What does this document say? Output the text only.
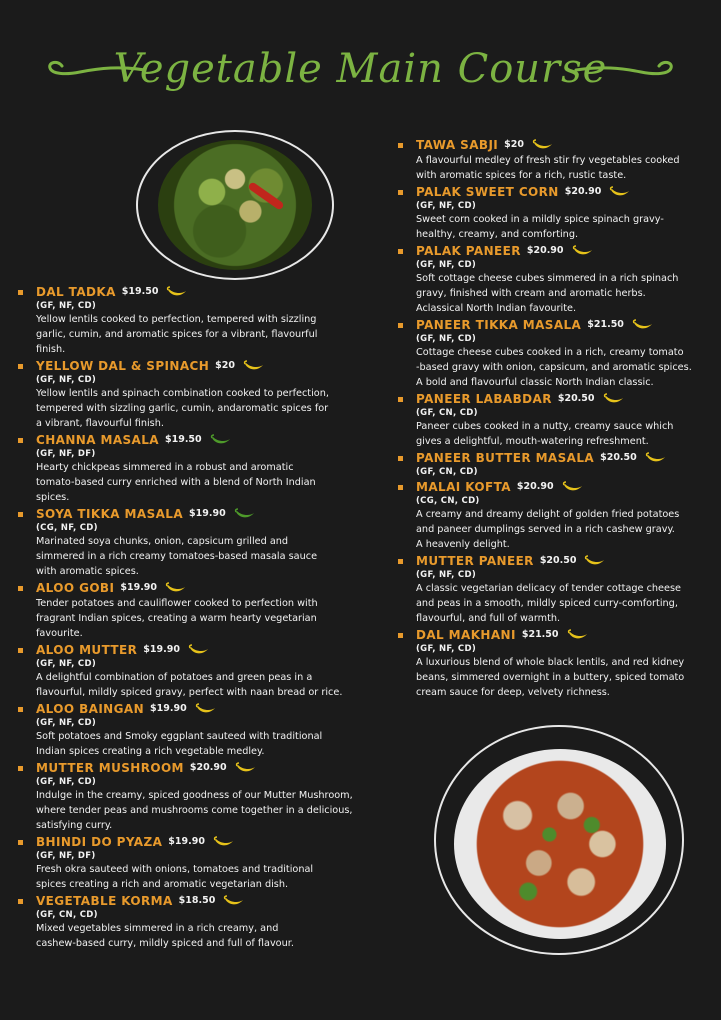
Vegetable Main Course
DAL TADKA $19.50
(GF, NF, CD)
Yellow lentils cooked to perfection, tempered with sizzling
garlic, cumin, and aromatic spices for a vibrant, flavourful
finish.
YELLOW DAL & SPINACH $20
(GF, NF, CD)
Yellow lentils and spinach combination cooked to perfection,
tempered with sizzling garlic, cumin, andaromatic spices for
a vibrant, flavourful finish.
CHANNA MASALA $19.50
(GF, NF, DF)
Hearty chickpeas simmered in a robust and aromatic
tomato-based curry enriched with a blend of North Indian
spices.
SOYA TIKKA MASALA $19.90
(CG, NF, CD)
Marinated soya chunks, onion, capsicum grilled and
simmered in a rich creamy tomatoes-based masala sauce
with aromatic spices.
ALOO GOBI $19.90
Tender potatoes and cauliflower cooked to perfection with
fragrant Indian spices, creating a warm hearty vegetarian
favourite.
ALOO MUTTER $19.90
(GF, NF, CD)
A delightful combination of potatoes and green peas in a
flavourful, mildly spiced gravy, perfect with naan bread or rice.
ALOO BAINGAN $19.90
(GF, NF, CD)
Soft potatoes and Smoky eggplant sauteed with traditional
Indian spices creating a rich vegetable medley.
MUTTER MUSHROOM $20.90
(GF, NF, CD)
Indulge in the creamy, spiced goodness of our Mutter Mushroom,
where tender peas and mushrooms come together in a delicious,
satisfying curry.
BHINDI DO PYAZA $19.90
(GF, NF, DF)
Fresh okra sauteed with onions, tomatoes and traditional
spices creating a rich and aromatic vegetarian dish.
VEGETABLE KORMA $18.50
(GF, CN, CD)
Mixed vegetables simmered in a rich creamy, and
cashew-based curry, mildly spiced and full of flavour.
TAWA SABJI $20
A flavourful medley of fresh stir fry vegetables cooked
with aromatic spices for a rich, rustic taste.
PALAK SWEET CORN $20.90
(GF, NF, CD)
Sweet corn cooked in a mildly spice spinach gravy-
healthy, creamy, and comforting.
PALAK PANEER $20.90
(GF, NF, CD)
Soft cottage cheese cubes simmered in a rich spinach
gravy, finished with cream and aromatic herbs.
Aclassical North Indian favourite.
PANEER TIKKA MASALA $21.50
(GF, NF, CD)
Cottage cheese cubes cooked in a rich, creamy tomato
-based gravy with onion, capsicum, and aromatic spices.
A bold and flavourful classic North Indian classic.
PANEER LABABDAR $20.50
(GF, CN, CD)
Paneer cubes cooked in a nutty, creamy sauce which
gives a delightful, mouth-watering refreshment.
PANEER BUTTER MASALA $20.50
(GF, CN, CD)
MALAI KOFTA $20.90
(CG, CN, CD)
A creamy and dreamy delight of golden fried potatoes
and paneer dumplings served in a rich cashew gravy.
A heavenly delight.
MUTTER PANEER $20.50
(GF, NF, CD)
A classic vegetarian delicacy of tender cottage cheese
and peas in a smooth, mildly spiced curry-comforting,
flavourful, and full of warmth.
DAL MAKHANI $21.50
(GF, NF, CD)
A luxurious blend of whole black lentils, and red kidney
beans, simmered overnight in a buttery, spiced tomato
cream sauce for deep, velvety richness.
